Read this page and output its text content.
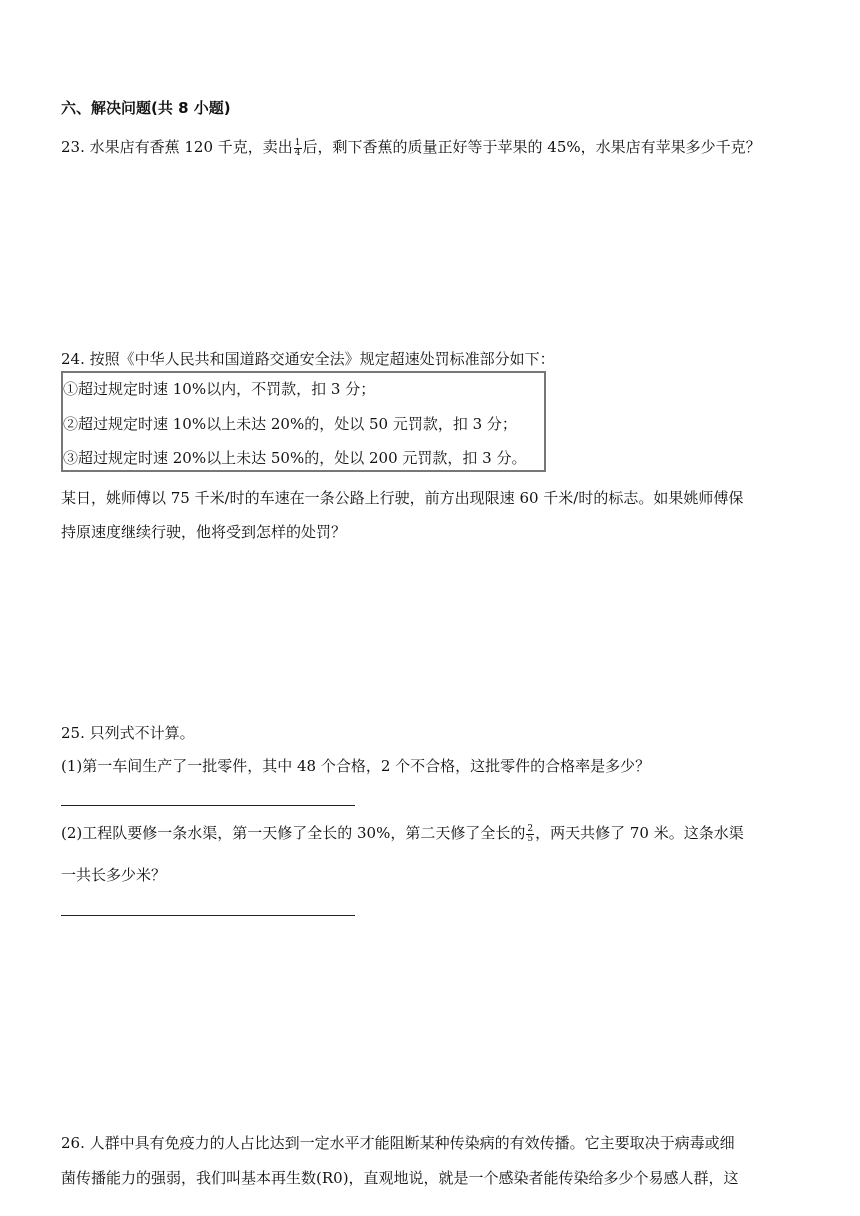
六、解决问题(共 8 小题)
23. 水果店有香蕉 120 千克，卖出 $\frac{1}{4}$ 后，剩下香蕉的质量正好等于苹果的 45%，水果店有苹果多少千克？
24. 按照《中华人民共和国道路交通安全法》规定超速处罚标准部分如下：
①超过规定时速 10%以内，不罚款，扣 3 分；
②超过规定时速 10%以上未达 20%的，处以 50 元罚款，扣 3 分；
③超过规定时速 20%以上未达 50%的，处以 200 元罚款，扣 3 分。
某日，姚师傅以 75 千米/时的车速在一条公路上行驶，前方出现限速 60 千米/时的标志。如果姚师傅保
持原速度继续行驶，他将受到怎样的处罚？
25. 只列式不计算。
(1)第一车间生产了一批零件，其中 48 个合格，2 个不合格，这批零件的合格率是多少？
(2)工程队要修一条水渠，第一天修了全长的 30%，第二天修了全长的 $\frac{2}{5}$ ，两天共修了 70 米。这条水渠
一共长多少米？
26. 人群中具有免疫力的人占比达到一定水平才能阻断某种传染病的有效传播。它主要取决于病毒或细
菌传播能力的强弱，我们叫基本再生数(R0)，直观地说，就是一个感染者能传染给多少个易感人群，这
